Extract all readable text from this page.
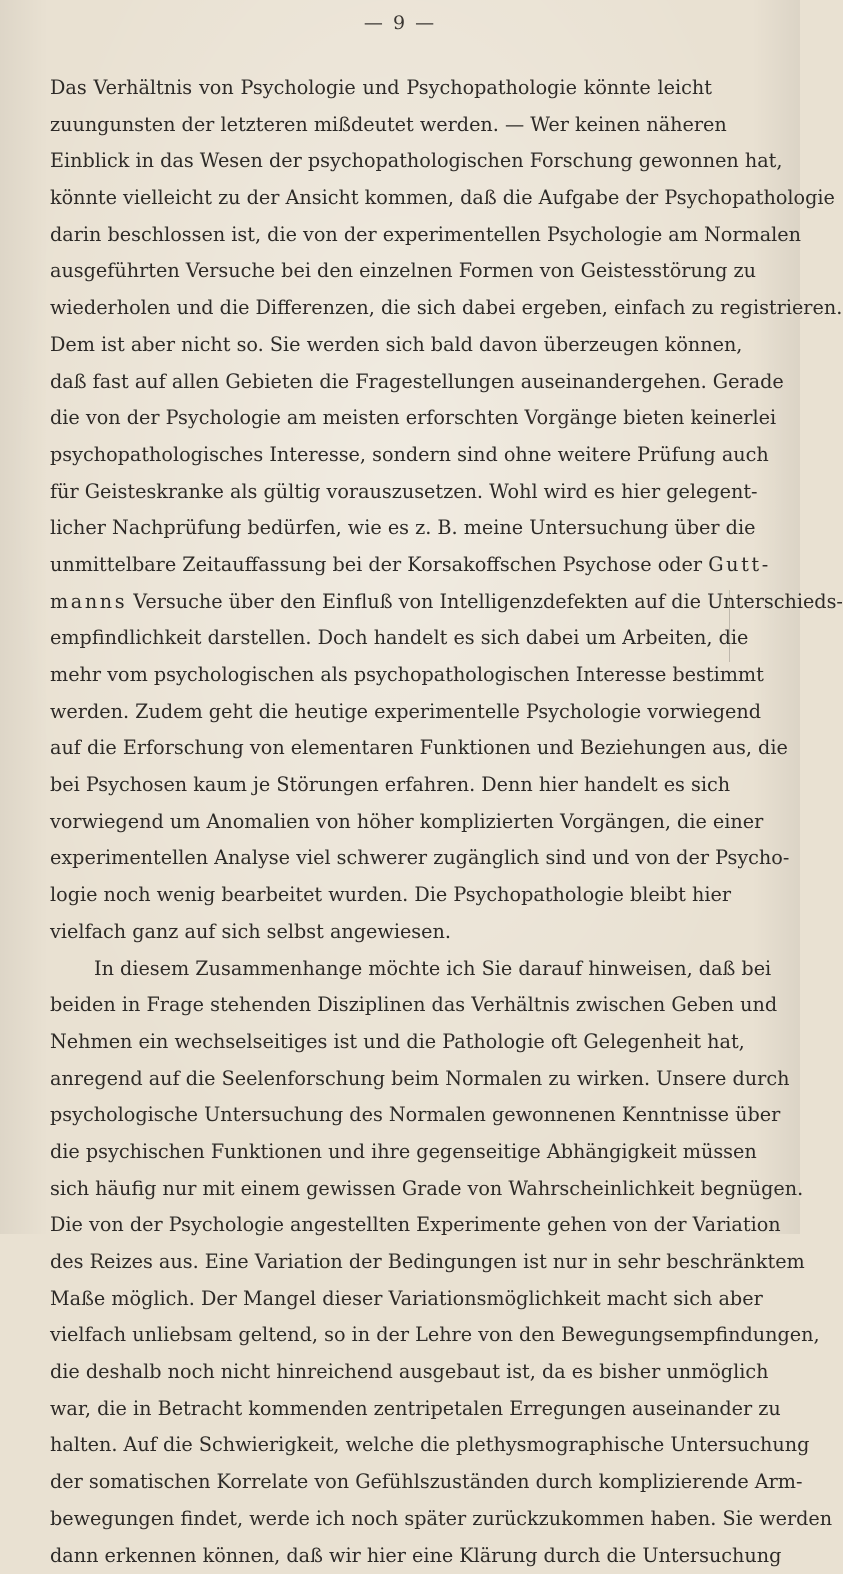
— 9 —
Das Verhältnis von Psychologie und Psychopathologie könnte leicht
zuungunsten der letzteren mißdeutet werden. — Wer keinen näheren
Einblick in das Wesen der psychopathologischen Forschung gewonnen hat,
könnte vielleicht zu der Ansicht kommen, daß die Aufgabe der Psychopathologie
darin beschlossen ist, die von der experimentellen Psychologie am Normalen
ausgeführten Versuche bei den einzelnen Formen von Geistesstörung zu
wiederholen und die Differenzen, die sich dabei ergeben, einfach zu registrieren.
Dem ist aber nicht so. Sie werden sich bald davon überzeugen können,
daß fast auf allen Gebieten die Fragestellungen auseinandergehen. Gerade
die von der Psychologie am meisten erforschten Vorgänge bieten keinerlei
psychopathologisches Interesse, sondern sind ohne weitere Prüfung auch
für Geisteskranke als gültig vorauszusetzen. Wohl wird es hier gelegent-
licher Nachprüfung bedürfen, wie es z. B. meine Untersuchung über die
unmittelbare Zeitauffassung bei der Korsakoffschen Psychose oder Gutt-
manns Versuche über den Einfluß von Intelligenzdefekten auf die Unterschieds-
empfindlichkeit darstellen. Doch handelt es sich dabei um Arbeiten, die
mehr vom psychologischen als psychopathologischen Interesse bestimmt
werden. Zudem geht die heutige experimentelle Psychologie vorwiegend
auf die Erforschung von elementaren Funktionen und Beziehungen aus, die
bei Psychosen kaum je Störungen erfahren. Denn hier handelt es sich
vorwiegend um Anomalien von höher komplizierten Vorgängen, die einer
experimentellen Analyse viel schwerer zugänglich sind und von der Psycho-
logie noch wenig bearbeitet wurden. Die Psychopathologie bleibt hier
vielfach ganz auf sich selbst angewiesen.
In diesem Zusammenhange möchte ich Sie darauf hinweisen, daß bei
beiden in Frage stehenden Disziplinen das Verhältnis zwischen Geben und
Nehmen ein wechselseitiges ist und die Pathologie oft Gelegenheit hat,
anregend auf die Seelenforschung beim Normalen zu wirken. Unsere durch
psychologische Untersuchung des Normalen gewonnenen Kenntnisse über
die psychischen Funktionen und ihre gegenseitige Abhängigkeit müssen
sich häufig nur mit einem gewissen Grade von Wahrscheinlichkeit begnügen.
Die von der Psychologie angestellten Experimente gehen von der Variation
des Reizes aus. Eine Variation der Bedingungen ist nur in sehr beschränktem
Maße möglich. Der Mangel dieser Variationsmöglichkeit macht sich aber
vielfach unliebsam geltend, so in der Lehre von den Bewegungsempfindungen,
die deshalb noch nicht hinreichend ausgebaut ist, da es bisher unmöglich
war, die in Betracht kommenden zentripetalen Erregungen auseinander zu
halten. Auf die Schwierigkeit, welche die plethysmographische Untersuchung
der somatischen Korrelate von Gefühlszuständen durch komplizierende Arm-
bewegungen findet, werde ich noch später zurückzukommen haben. Sie werden
dann erkennen können, daß wir hier eine Klärung durch die Untersuchung
